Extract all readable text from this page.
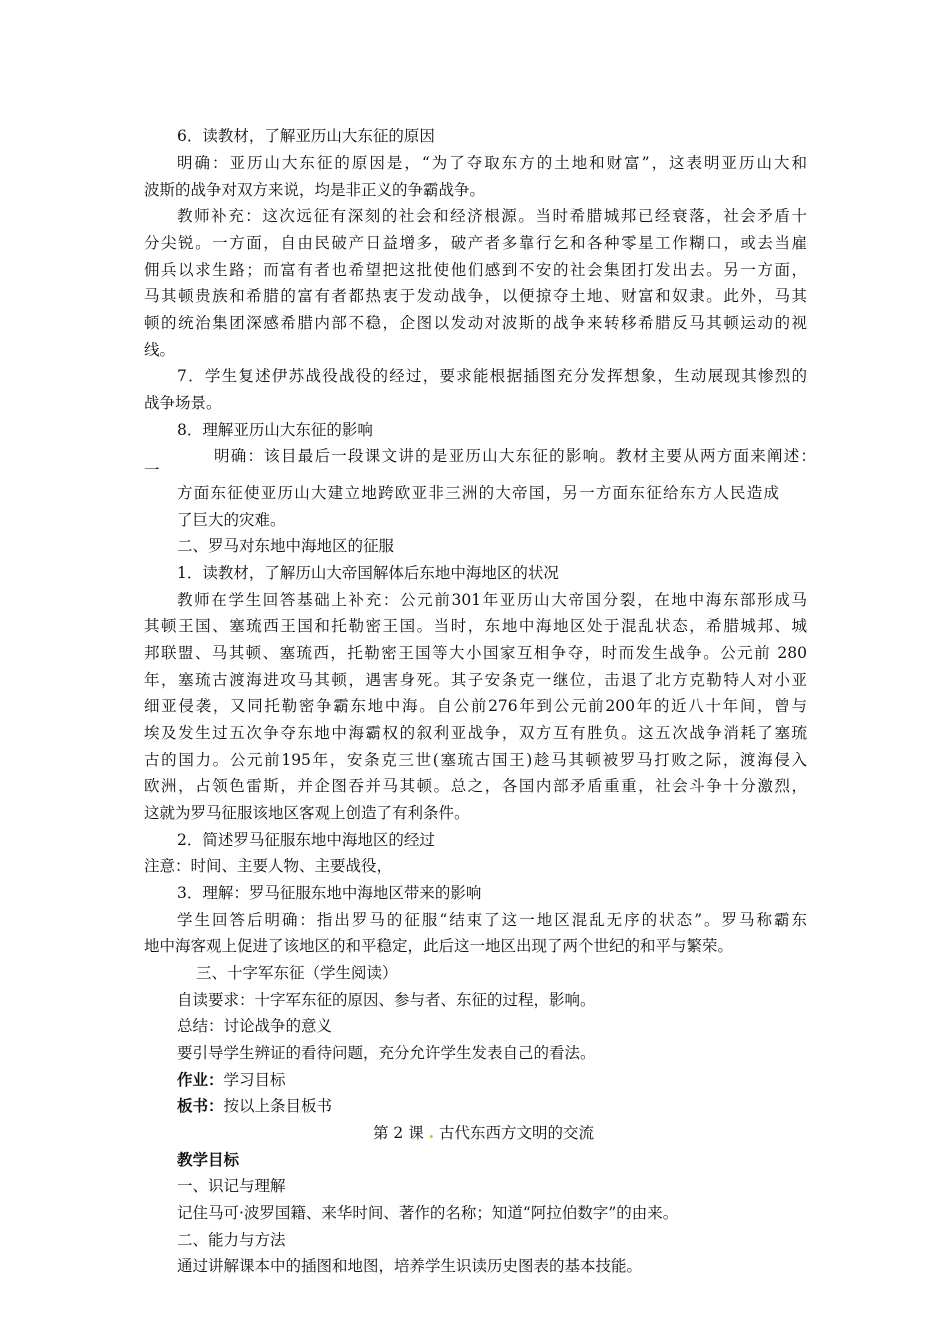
6．读教材，了解亚历山大东征的原因
明确：亚历山大东征的原因是，“为了夺取东方的土地和财富”，这表明亚历山大和
波斯的战争对双方来说，均是非正义的争霸战争。
教师补充：这次远征有深刻的社会和经济根源。当时希腊城邦已经衰落，社会矛盾十
分尖锐。一方面，自由民破产日益增多，破产者多靠行乞和各种零星工作糊口，或去当雇
佣兵以求生路；而富有者也希望把这批使他们感到不安的社会集团打发出去。另一方面，
马其顿贵族和希腊的富有者都热衷于发动战争，以便掠夺土地、财富和奴隶。此外，马其
顿的统治集团深感希腊内部不稳，企图以发动对波斯的战争来转移希腊反马其顿运动的视
线。
7．学生复述伊苏战役战役的经过，要求能根据插图充分发挥想象，生动展现其惨烈的
战争场景。
8．理解亚历山大东征的影响
明确：该目最后一段课文讲的是亚历山大东征的影响。教材主要从两方面来阐述：
一
方面东征使亚历山大建立地跨欧亚非三洲的大帝国，另一方面东征给东方人民造成
了巨大的灾难。
二、罗马对东地中海地区的征服
1．读教材，了解历山大帝国解体后东地中海地区的状况
教师在学生回答基础上补充：公元前301年亚历山大帝国分裂，在地中海东部形成马
其顿王国、塞琉西王国和托勒密王国。当时，东地中海地区处于混乱状态，希腊城邦、城
邦联盟、马其顿、塞琉西，托勒密王国等大小国家互相争夺，时而发生战争。公元前 280
年，塞琉古渡海进攻马其顿，遇害身死。其子安条克一继位，击退了北方克勒特人对小亚
细亚侵袭，又同托勒密争霸东地中海。自公前276年到公元前200年的近八十年间，曾与
埃及发生过五次争夺东地中海霸权的叙利亚战争，双方互有胜负。这五次战争消耗了塞琉
古的国力。公元前195年，安条克三世(塞琉古国王)趁马其顿被罗马打败之际，渡海侵入
欧洲，占领色雷斯，并企图吞并马其顿。总之，各国内部矛盾重重，社会斗争十分激烈，
这就为罗马征服该地区客观上创造了有利条件。
2．简述罗马征服东地中海地区的经过
注意：时间、主要人物、主要战役，
3．理解：罗马征服东地中海地区带来的影响
学生回答后明确：指出罗马的征服“结束了这一地区混乱无序的状态”。罗马称霸东
地中海客观上促进了该地区的和平稳定，此后这一地区出现了两个世纪的和平与繁荣。
三、十字军东征（学生阅读）
自读要求：十字军东征的原因、参与者、东征的过程，影响。
总结：讨论战争的意义
要引导学生辨证的看待问题，充分允许学生发表自己的看法。
作业：学习目标
板书：按以上条目板书
第 2 课 . 古代东西方文明的交流
教学目标
一、识记与理解
记住马可·波罗国籍、来华时间、著作的名称；知道“阿拉伯数字”的由来。
二、能力与方法
通过讲解课本中的插图和地图，培养学生识读历史图表的基本技能。
